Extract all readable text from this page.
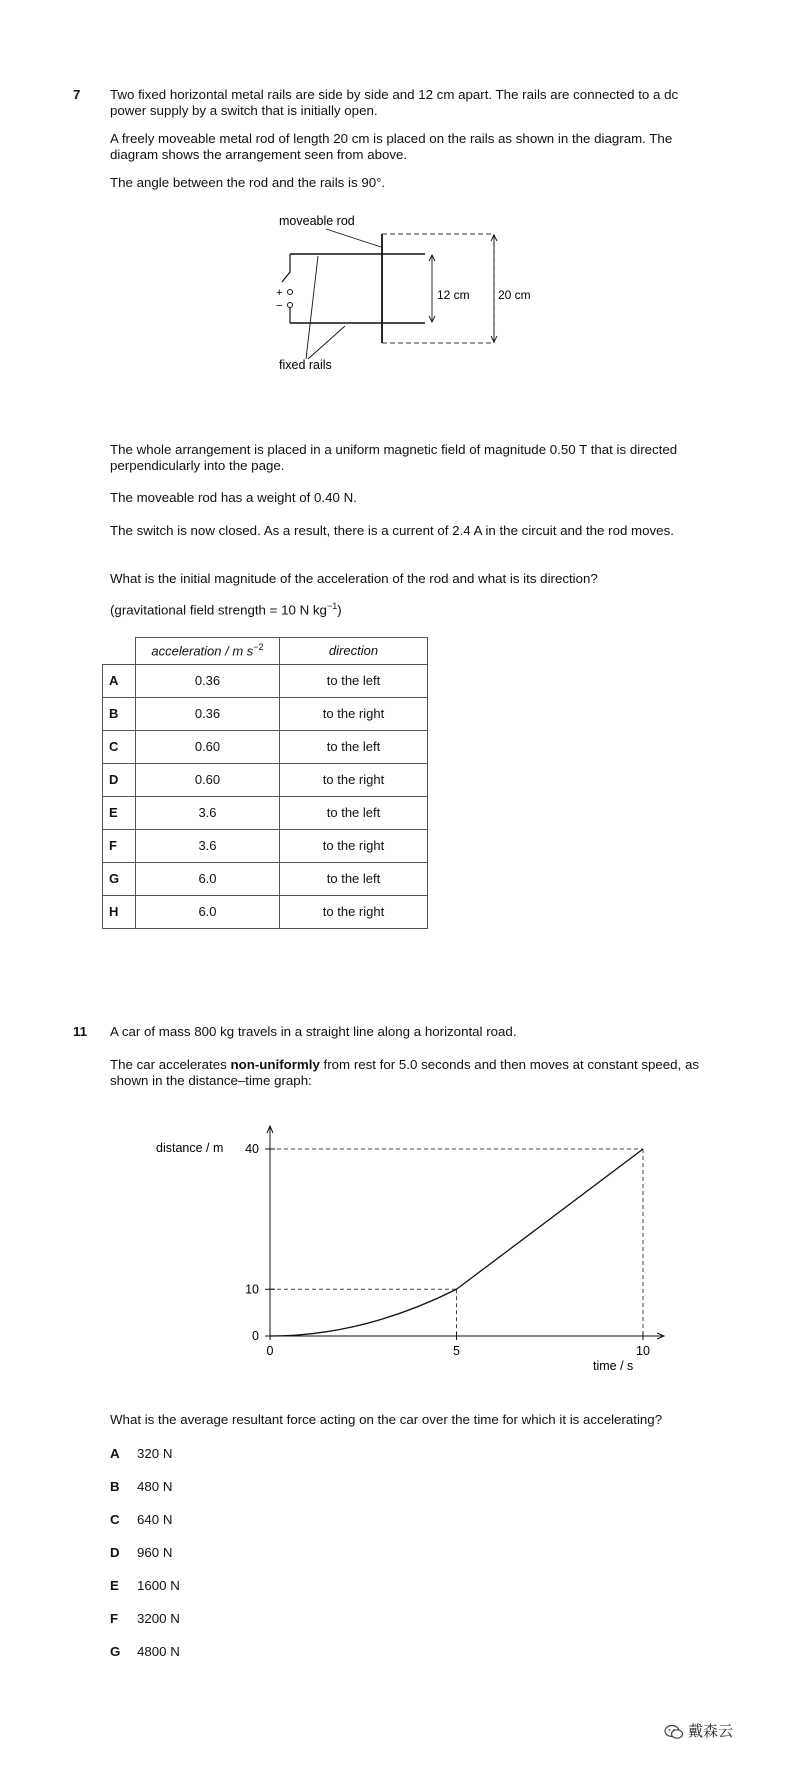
7 Two fixed horizontal metal rails are side by side and 12 cm apart. The rails are connected to a dc power supply by a switch that is initially open.
A freely moveable metal rod of length 20 cm is placed on the rails as shown in the diagram. The diagram shows the arrangement seen from above.
The angle between the rod and the rails is 90°.
moveable rod
fixed rails
+
−
12 cm 20 cm
The whole arrangement is placed in a uniform magnetic field of magnitude 0.50 T that is directed perpendicularly into the page.
The moveable rod has a weight of 0.40 N.
The switch is now closed. As a result, there is a current of 2.4 A in the circuit and the rod moves.
What is the initial magnitude of the acceleration of the rod and what is its direction?
(gravitational field strength = 10 N $kg^{-1}$)
	acceleration / m $s^{-2}$	direction
A	0.36	to the left
B	0.36	to the right
C	0.60	to the left
D	0.60	to the right
E	3.6	to the left
F	3.6	to the right
G	6.0	to the left
H	6.0	to the right
11 A car of mass 800 kg travels in a straight line along a horizontal road.
The car accelerates non-uniformly from rest for 5.0 seconds and then moves at constant speed, as shown in the distance–time graph:
0
10
40
0	5	10
distance / m
time / s
What is the average resultant force acting on the car over the time for which it is accelerating?
A 320 N
B 480 N
C 640 N
D 960 N
E 1600 N
F 3200 N
G 4800 N
戴森云
